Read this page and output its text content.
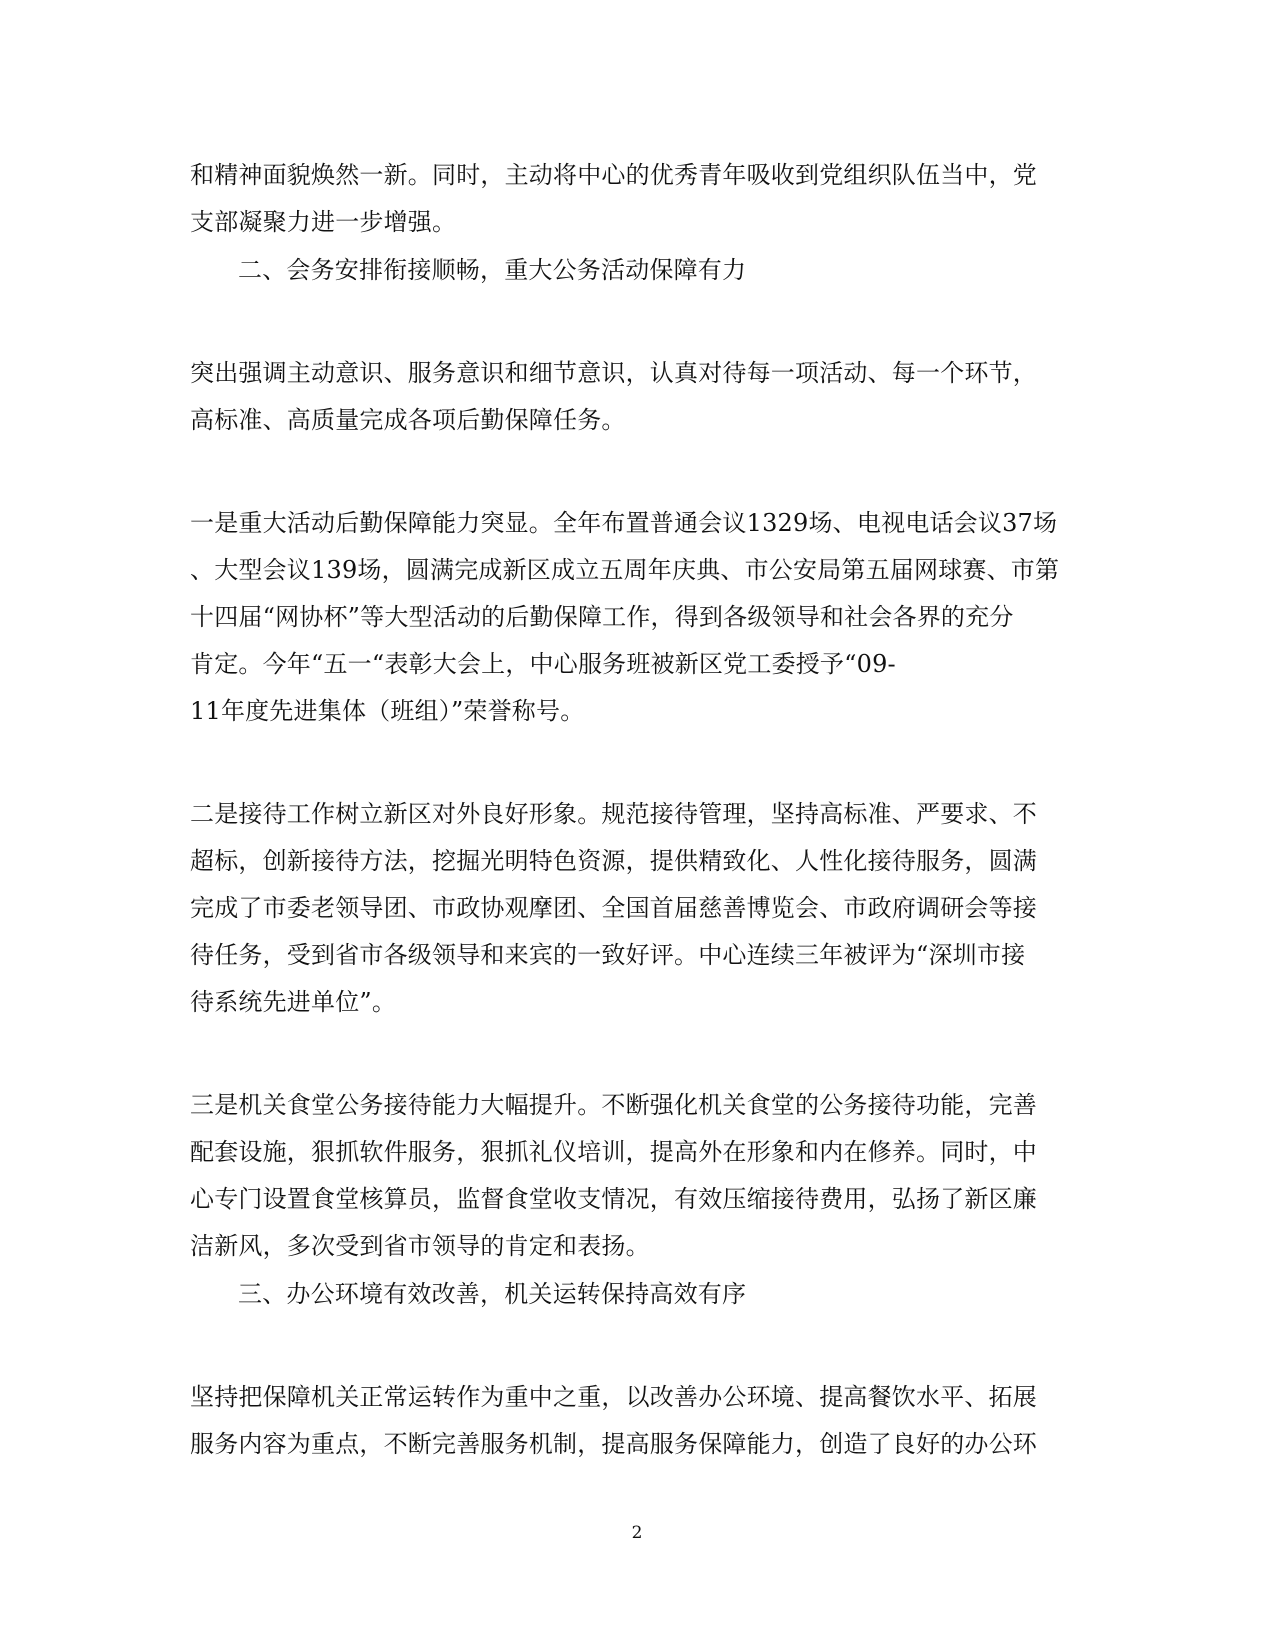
和精神面貌焕然一新。同时，主动将中心的优秀青年吸收到党组织队伍当中，党
支部凝聚力进一步增强。
二、会务安排衔接顺畅，重大公务活动保障有力
突出强调主动意识、服务意识和细节意识，认真对待每一项活动、每一个环节，
高标准、高质量完成各项后勤保障任务。
一是重大活动后勤保障能力突显。全年布置普通会议1329场、电视电话会议37场
、大型会议139场，圆满完成新区成立五周年庆典、市公安局第五届网球赛、市第
十四届“网协杯”等大型活动的后勤保障工作，得到各级领导和社会各界的充分
肯定。今年“五一“表彰大会上，中心服务班被新区党工委授予“09-
11年度先进集体（班组）”荣誉称号。
二是接待工作树立新区对外良好形象。规范接待管理，坚持高标准、严要求、不
超标，创新接待方法，挖掘光明特色资源，提供精致化、人性化接待服务，圆满
完成了市委老领导团、市政协观摩团、全国首届慈善博览会、市政府调研会等接
待任务，受到省市各级领导和来宾的一致好评。中心连续三年被评为“深圳市接
待系统先进单位”。
三是机关食堂公务接待能力大幅提升。不断强化机关食堂的公务接待功能，完善
配套设施，狠抓软件服务，狠抓礼仪培训，提高外在形象和内在修养。同时，中
心专门设置食堂核算员，监督食堂收支情况，有效压缩接待费用，弘扬了新区廉
洁新风，多次受到省市领导的肯定和表扬。
三、办公环境有效改善，机关运转保持高效有序
坚持把保障机关正常运转作为重中之重，以改善办公环境、提高餐饮水平、拓展
服务内容为重点，不断完善服务机制，提高服务保障能力，创造了良好的办公环
2
